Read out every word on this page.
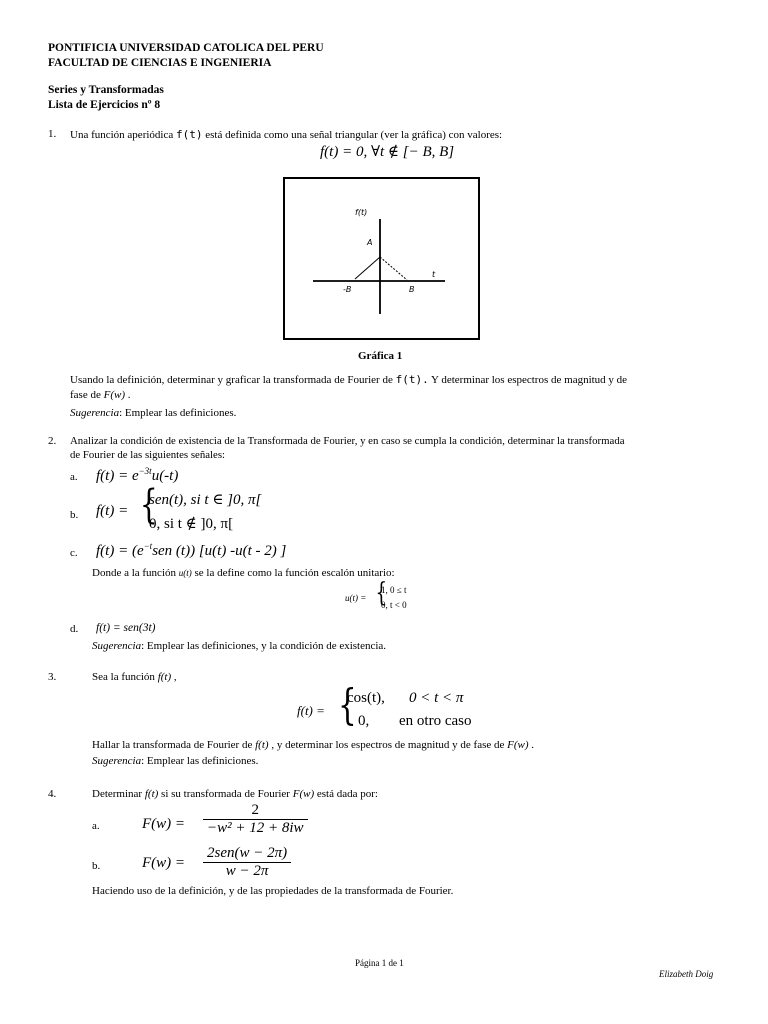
PONTIFICIA UNIVERSIDAD CATOLICA DEL PERU
FACULTAD DE CIENCIAS E INGENIERIA
Series y Transformadas
Lista de Ejercicios nº 8
1. Una función aperiódica f(t) está definida como una señal triangular (ver la gráfica) con valores:
f(t) = 0, ∀t ∉ [− B, B]
f(t)
t
A
-B	B
Gráfica 1
Usando la definición, determinar y graficar la transformada de Fourier de f(t). Y determinar los espectros de magnitud y de
fase de F(w) .
Sugerencia: Emplear las definiciones.
2. Analizar la condición de existencia de la Transformada de Fourier, y en caso se cumpla la condición, determinar la transformada
de Fourier de las siguientes señales:
a. $f(t) = e^{-3t}u(-t)$
b. f(t) = {
sen(t), si t ∈ ]0, π[
0, si t ∉ ]0, π[
c. $f(t) = (e^{-t}sen$ (t)) [u(t) -u(t - 2) ]
Donde a la función u(t) se la define como la función escalón unitario:
u(t) = {
1, 0 ≤ t
0, t < 0
d. f(t) = sen(3t)
Sugerencia: Emplear las definiciones, y la condición de existencia.
3.	Sea la función f(t) ,
f(t) = {
cos(t), 0 < t < π
0, en otro caso
Hallar la transformada de Fourier de f(t) , y determinar los espectros de magnitud y de fase de F(w) .
Sugerencia: Emplear las definiciones.
4.	Determinar f(t) si su transformada de Fourier F(w) está dada por:
a.	$F(w) = \frac{2}{\text{−w² + 12 + 8iw}}$
b.	F(w) =
2sen(w − 2π)
w − 2π
Haciendo uso de la definición, y de las propiedades de la transformada de Fourier.
Página 1 de 1
Elizabeth Doig
